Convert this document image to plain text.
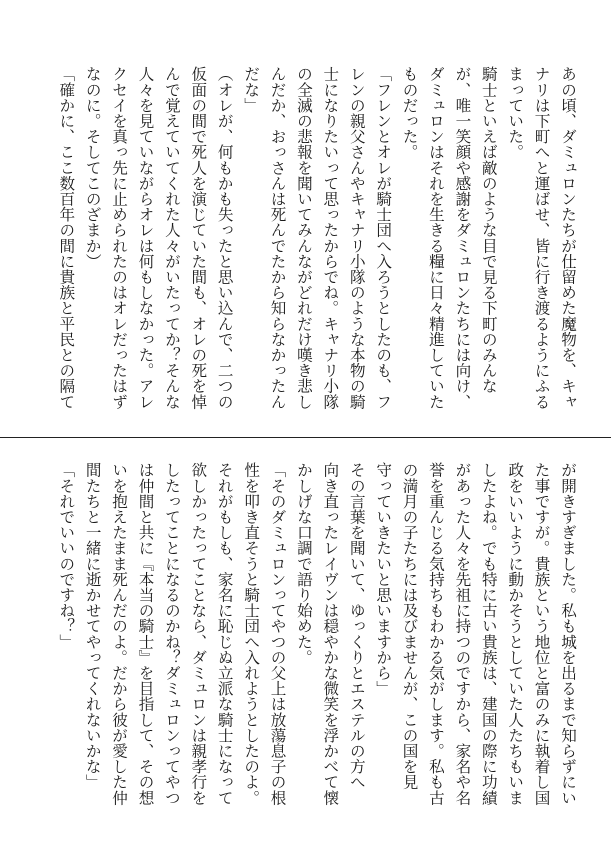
あの頃、ダミュロンたちが仕留めた魔物を、キャ
ナリは下町へと運ばせ、皆に行き渡るようにふる
まっていた。
騎士といえば敵のような目で見る下町のみんな
が、唯一笑顔や感謝をダミュロンたちには向け、
ダミュロンはそれを生きる糧に日々精進していた
ものだった。
「フレンとオレが騎士団へ入ろうとしたのも、フ
レンの親父さんやキャナリ小隊のような本物の騎
士になりたいって思ったからでね。キャナリ小隊
の全滅の悲報を聞いてみんながどれだけ嘆き悲し
んだか、おっさんは死んでたから知らなかったん
だな」
（オレが、何もかも失ったと思い込んで、二つの
仮面の間で死人を演じていた間も、オレの死を悼
んで覚えていてくれた人々がいたってか？そんな
人々を見ていながらオレは何もしなかった。アレ
クセイを真っ先に止められたのはオレだったはず
なのに。そしてこのざまか）
「確かに、ここ数百年の間に貴族と平民との隔て
が開きすぎました。私も城を出るまで知らずにい
た事ですが。貴族という地位と富のみに執着し国
政をいいように動かそうとしていた人たちもいま
したよね。でも特に古い貴族は、建国の際に功績
があった人々を先祖に持つのですから、家名や名
誉を重んじる気持ちもわかる気がします。私も古
の満月の子たちには及びませんが、この国を見
守っていきたいと思いますから」
その言葉を聞いて、ゆっくりとエステルの方へ
向き直ったレイヴンは穏やかな微笑を浮かべて懐
かしげな口調で語り始めた。
「そのダミュロンってやつの父上は放蕩息子の根
性を叩き直そうと騎士団へ入れようとしたのよ。
それがもしも、家名に恥じぬ立派な騎士になって
欲しかったってことなら、ダミュロンは親孝行を
したってことになるのかね？ダミュロンってやつ
は仲間と共に『本当の騎士』を目指して、その想
いを抱えたまま死んだのよ。だから彼が愛した仲
間たちと一緒に逝かせてやってくれないかな」
「それでいいのですね？」
